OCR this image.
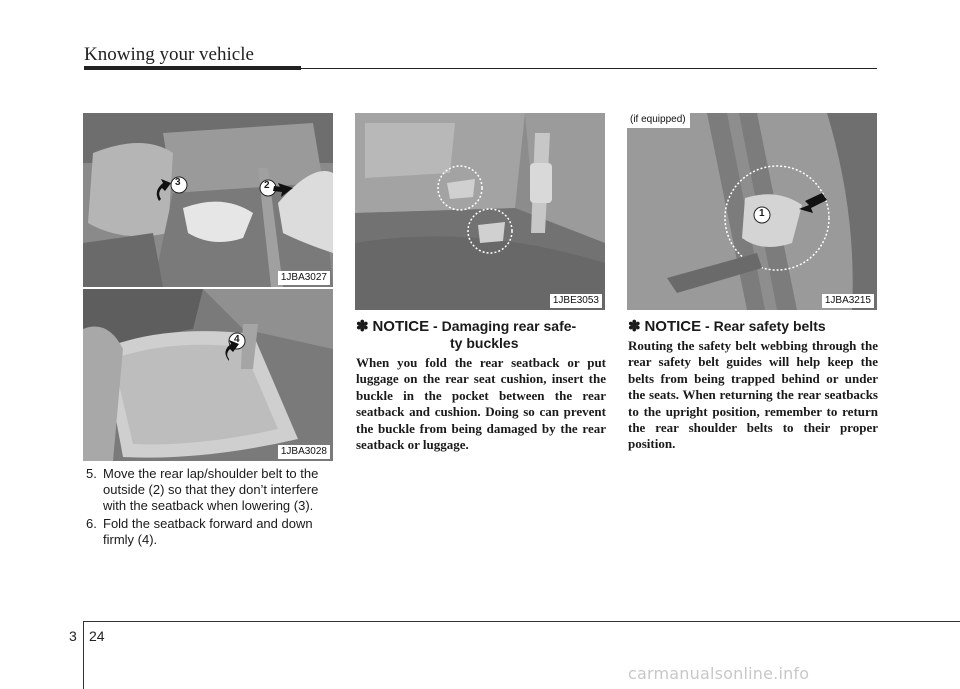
Knowing your vehicle
3	2
1JBA3027
4
1JBA3028
1JBE3053
1
(if equipped)
1JBA3215
5. Move the rear lap/shoulder belt to the outside (2) so that they don’t interfere with the seatback when lowering (3).
6. Fold the seatback forward and down firmly (4).
✽ NOTICE - Damaging rear safe-
ty buckles
When you fold the rear seatback or put luggage on the rear seat cushion, insert the buckle in the pocket between the rear seatback and cushion. Doing so can prevent the buckle from being damaged by the rear seatback or luggage.
✽ NOTICE - Rear safety belts
Routing the safety belt webbing through the rear safety belt guides will help keep the belts from being trapped behind or under the seats. When returning the rear seatbacks to the upright position, remember to return the rear shoulder belts to their proper position.
3 24
carmanualsonline.info
